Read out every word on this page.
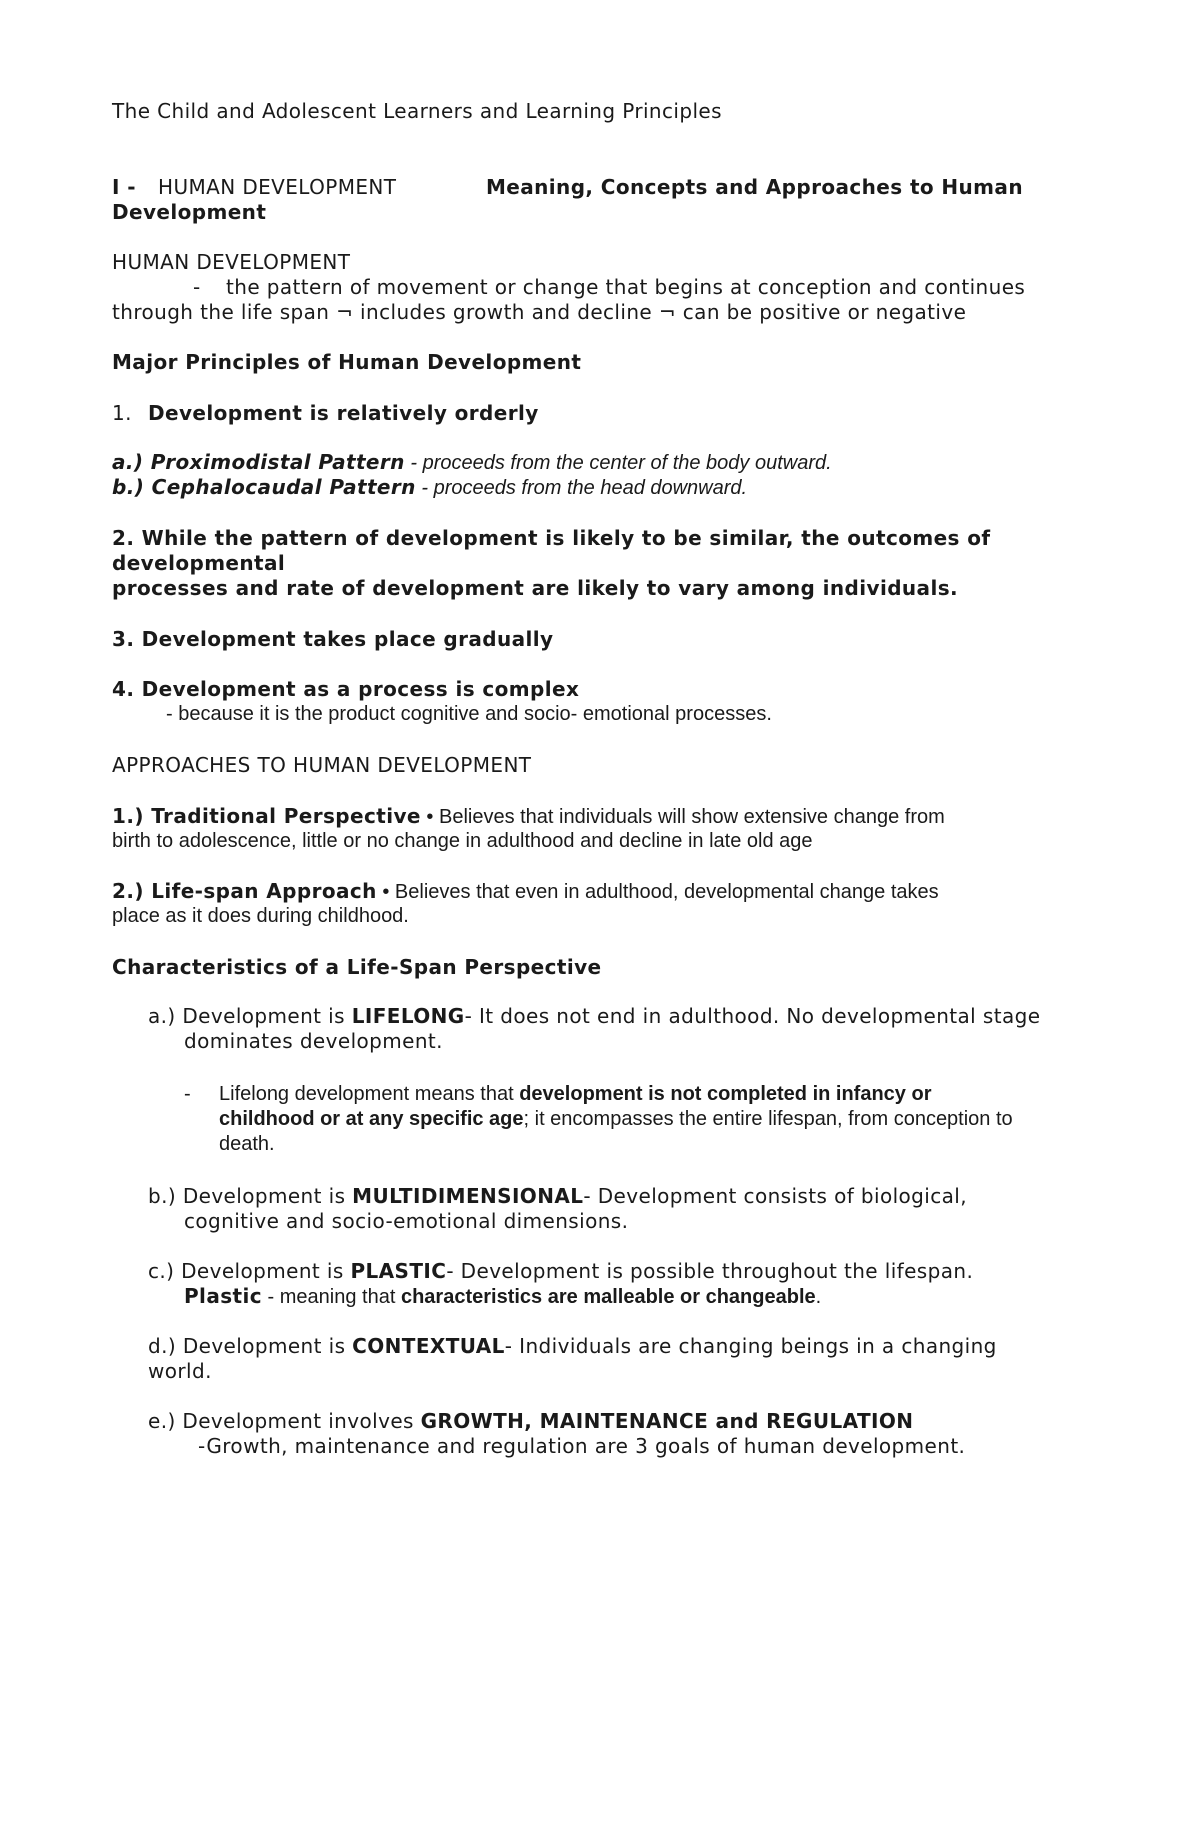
The Child and Adolescent Learners and Learning Principles
I - HUMAN DEVELOPMENT	Meaning, Concepts and Approaches to Human
Development
HUMAN DEVELOPMENT
- the pattern of movement or change that begins at conception and continues
through the life span ¬ includes growth and decline ¬ can be positive or negative
Major Principles of Human Development
1. Development is relatively orderly
a.) Proximodistal Pattern - proceeds from the center of the body outward.
b.) Cephalocaudal Pattern - proceeds from the head downward.
2. While the pattern of development is likely to be similar, the outcomes of
developmental
processes and rate of development are likely to vary among individuals.
3. Development takes place gradually
4. Development as a process is complex
- because it is the product cognitive and socio- emotional processes.
APPROACHES TO HUMAN DEVELOPMENT
1.) Traditional Perspective • Believes that individuals will show extensive change from
birth to adolescence, little or no change in adulthood and decline in late old age
2.) Life-span Approach • Believes that even in adulthood, developmental change takes
place as it does during childhood.
Characteristics of a Life-Span Perspective
a.) Development is LIFELONG- It does not end in adulthood. No developmental stage
dominates development.
- Lifelong development means that development is not completed in infancy or
childhood or at any specific age; it encompasses the entire lifespan, from conception to
death.
b.) Development is MULTIDIMENSIONAL- Development consists of biological,
cognitive and socio-emotional dimensions.
c.) Development is PLASTIC- Development is possible throughout the lifespan.
Plastic - meaning that characteristics are malleable or changeable.
d.) Development is CONTEXTUAL- Individuals are changing beings in a changing
world.
e.) Development involves GROWTH, MAINTENANCE and REGULATION
-Growth, maintenance and regulation are 3 goals of human development.
